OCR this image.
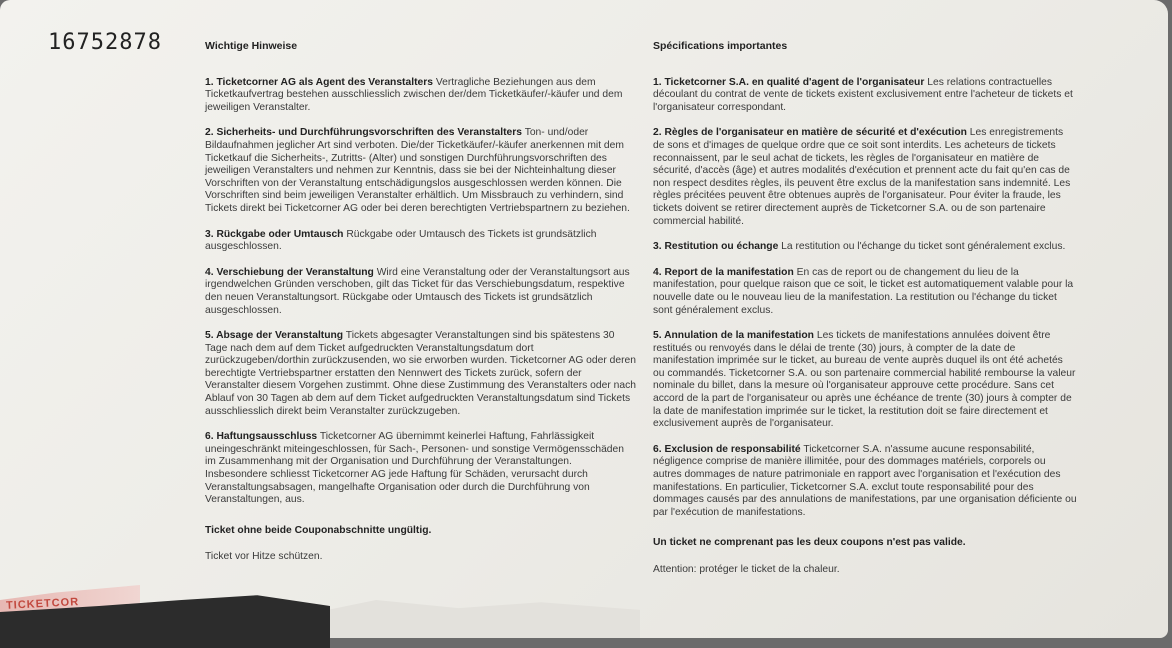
16752878	Wichtige Hinweise

1. Ticketcorner AG als Agent des Veranstalters Vertragliche Beziehungen aus dem Ticketkaufvertrag bestehen ausschliesslich zwischen der/dem Ticketkäufer/-käufer und dem jeweiligen Veranstalter.

2. Sicherheits- und Durchführungsvorschriften des Veranstalters Ton- und/oder Bildaufnahmen jeglicher Art sind verboten. Die/der Ticketkäufer/-käufer anerkennen mit dem Ticketkauf die Sicherheits-, Zutritts- (Alter) und sonstigen Durchführungsvorschriften des jeweiligen Veranstalters und nehmen zur Kenntnis, dass sie bei der Nichteinhaltung dieser Vorschriften von der Veranstaltung entschädigungslos ausgeschlossen werden können. Die Vorschriften sind beim jeweiligen Veranstalter erhältlich. Um Missbrauch zu verhindern, sind Tickets direkt bei Ticketcorner AG oder bei deren berechtigten Vertriebspartnern zu beziehen.

3. Rückgabe oder Umtausch Rückgabe oder Umtausch des Tickets ist grundsätzlich ausgeschlossen.

4. Verschiebung der Veranstaltung Wird eine Veranstaltung oder der Veranstaltungsort aus irgendwelchen Gründen verschoben, gilt das Ticket für das Verschiebungsdatum, respektive den neuen Veranstaltungsort. Rückgabe oder Umtausch des Tickets ist grundsätzlich ausgeschlossen.

5. Absage der Veranstaltung Tickets abgesagter Veranstaltungen sind bis spätestens 30 Tage nach dem auf dem Ticket aufgedruckten Veranstaltungsdatum dort zurückzugeben/dorthin zurückzusenden, wo sie erworben wurden. Ticketcorner AG oder deren berechtigte Vertriebspartner erstatten den Nennwert des Tickets zurück, sofern der Veranstalter diesem Vorgehen zustimmt. Ohne diese Zustimmung des Veranstalters oder nach Ablauf von 30 Tagen ab dem auf dem Ticket aufgedruckten Veranstaltungsdatum sind Tickets ausschliesslich direkt beim Veranstalter zurückzugeben.

6. Haftungsausschluss Ticketcorner AG übernimmt keinerlei Haftung, Fahrlässigkeit uneingeschränkt miteingeschlossen, für Sach-, Personen- und sonstige Vermögensschäden im Zusammenhang mit der Organisation und Durchführung der Veranstaltungen. Insbesondere schliesst Ticketcorner AG jede Haftung für Schäden, verursacht durch Veranstaltungsabsagen, mangelhafte Organisation oder durch die Durchführung von Veranstaltungen, aus.

Ticket ohne beide Couponabschnitte ungültig.

Ticket vor Hitze schützen.

Spécifications importantes

1. Ticketcorner S.A. en qualité d'agent de l'organisateur Les relations contractuelles découlant du contrat de vente de tickets existent exclusivement entre l'acheteur de tickets et l'organisateur correspondant.

2. Règles de l'organisateur en matière de sécurité et d'exécution Les enregistrements de sons et d'images de quelque ordre que ce soit sont interdits. Les acheteurs de tickets reconnaissent, par le seul achat de tickets, les règles de l'organisateur en matière de sécurité, d'accès (âge) et autres modalités d'exécution et prennent acte du fait qu'en cas de non respect desdites règles, ils peuvent être exclus de la manifestation sans indemnité. Les règles précitées peuvent être obtenues auprès de l'organisateur. Pour éviter la fraude, les tickets doivent se retirer directement auprès de Ticketcorner S.A. ou de son partenaire commercial habilité.

3. Restitution ou échange La restitution ou l'échange du ticket sont généralement exclus.

4. Report de la manifestation En cas de report ou de changement du lieu de la manifestation, pour quelque raison que ce soit, le ticket est automatiquement valable pour la nouvelle date ou le nouveau lieu de la manifestation. La restitution ou l'échange du ticket sont généralement exclus.

5. Annulation de la manifestation Les tickets de manifestations annulées doivent être restitués ou renvoyés dans le délai de trente (30) jours, à compter de la date de manifestation imprimée sur le ticket, au bureau de vente auprès duquel ils ont été achetés ou commandés. Ticketcorner S.A. ou son partenaire commercial habilité rembourse la valeur nominale du billet, dans la mesure où l'organisateur approuve cette procédure. Sans cet accord de la part de l'organisateur ou après une échéance de trente (30) jours à compter de la date de manifestation imprimée sur le ticket, la restitution doit se faire directement et exclusivement auprès de l'organisateur.

6. Exclusion de responsabilité Ticketcorner S.A. n'assume aucune responsabilité, négligence comprise de manière illimitée, pour des dommages matériels, corporels ou autres dommages de nature patrimoniale en rapport avec l'organisation et l'exécution des manifestations. En particulier, Ticketcorner S.A. exclut toute responsabilité pour des dommages causés par des annulations de manifestations, par une organisation déficiente ou par l'exécution de manifestations.

Un ticket ne comprenant pas les deux coupons n'est pas valide.

Attention: protéger le ticket de la chaleur.

TICKETCOR
